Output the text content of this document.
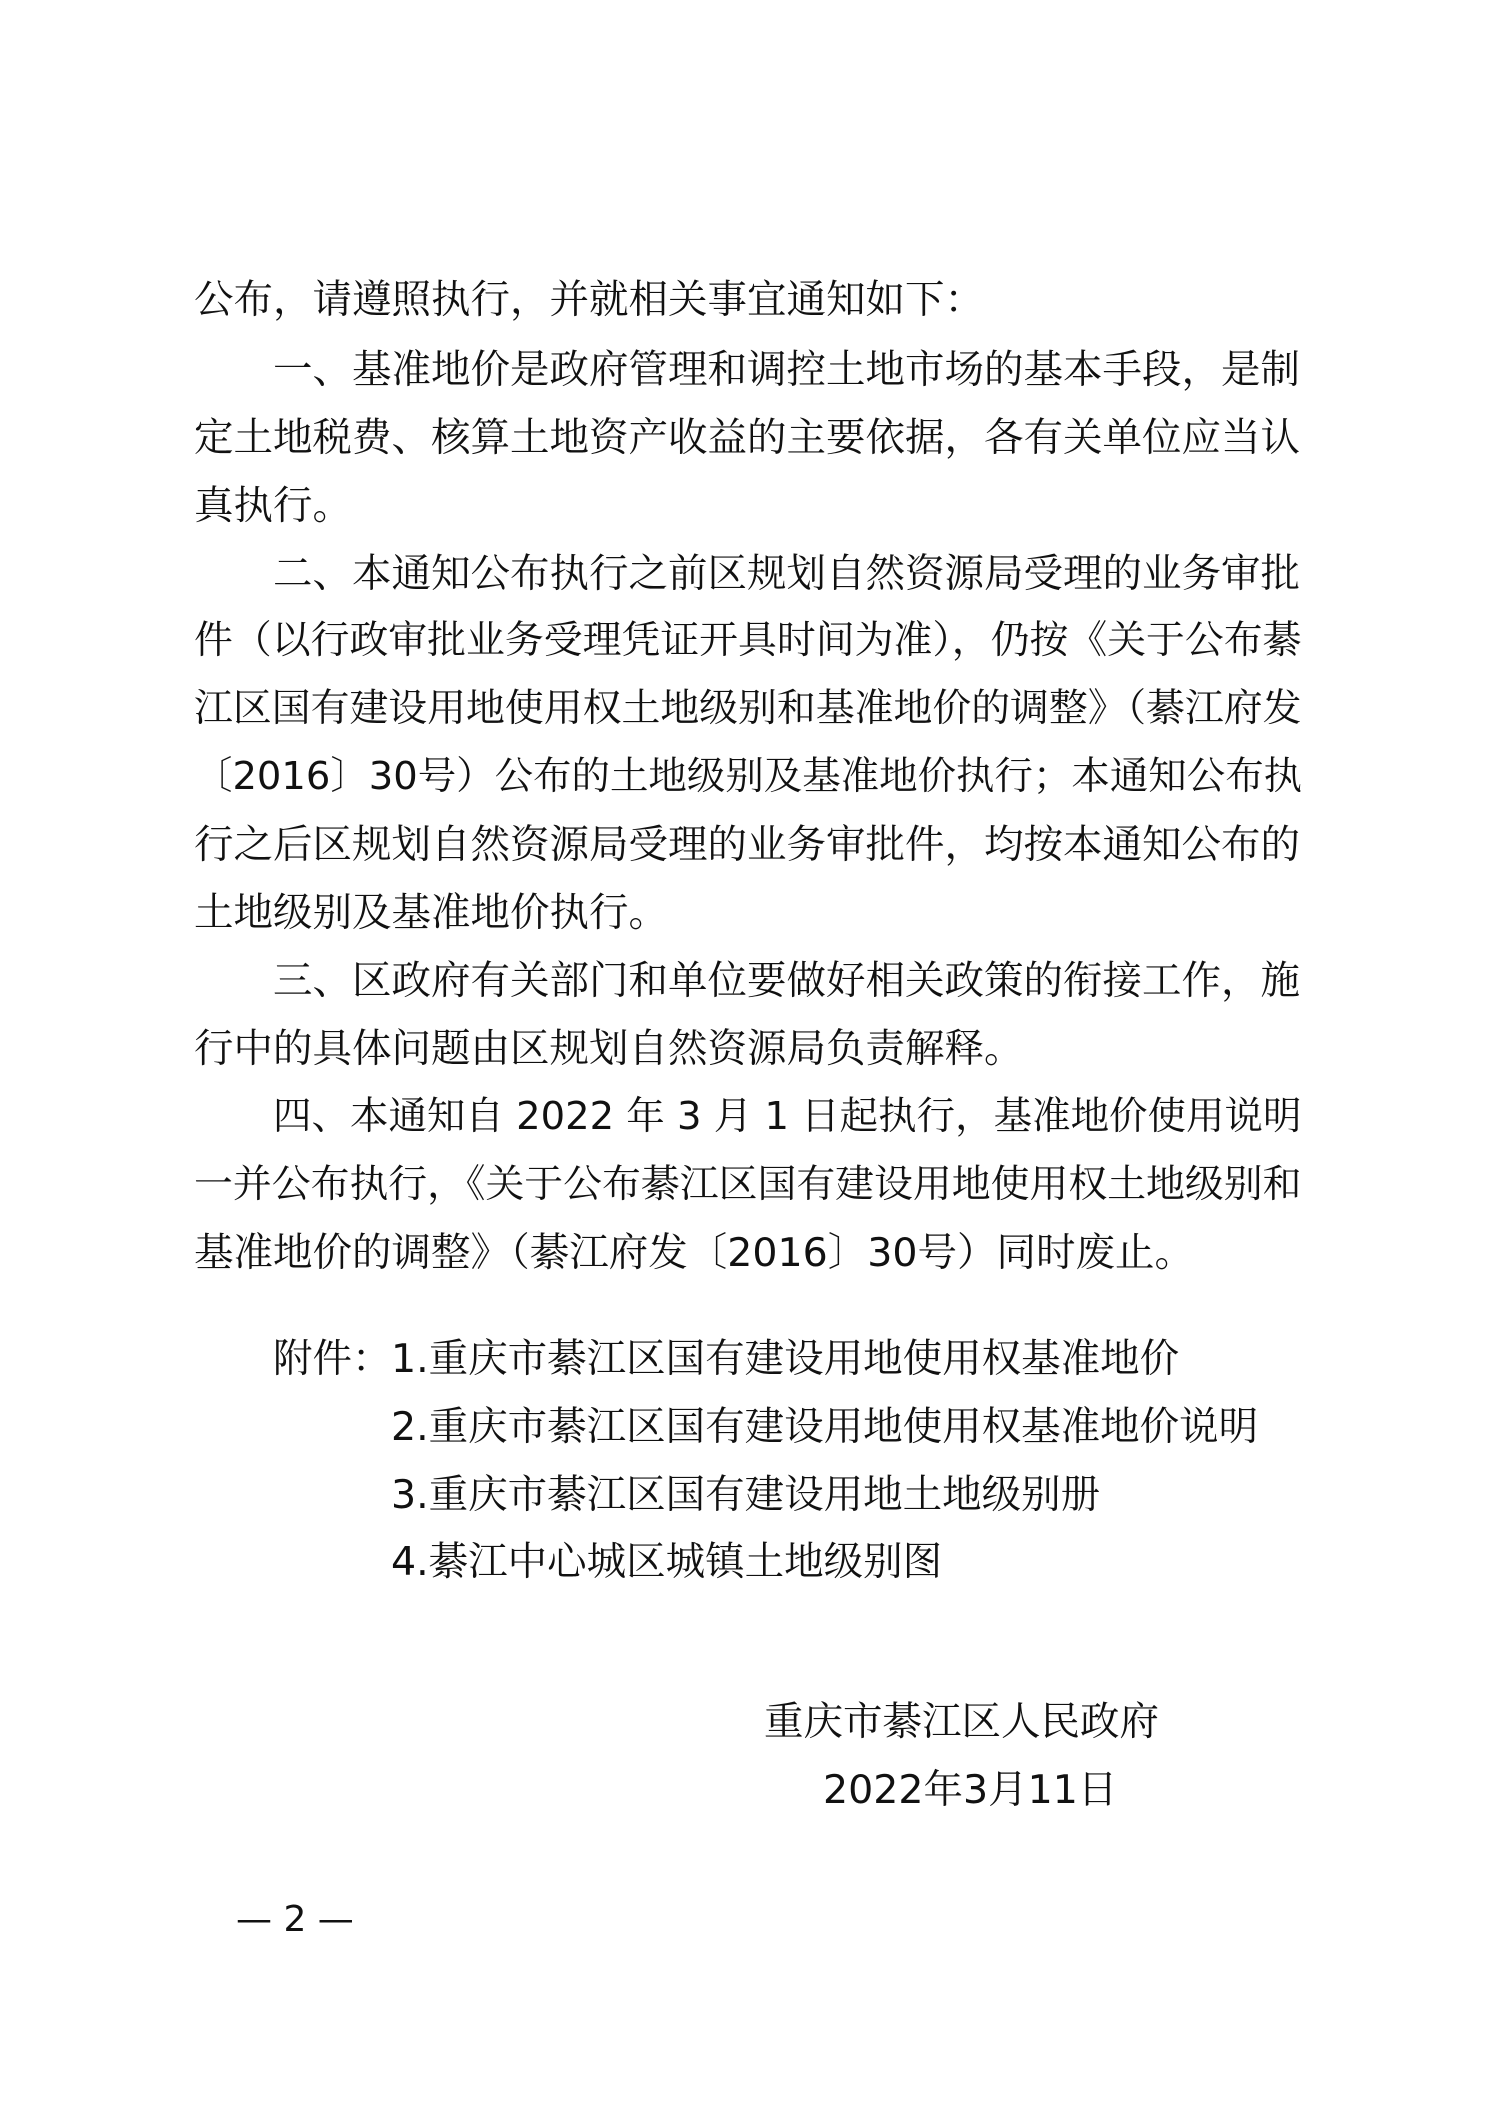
公布，请遵照执行，并就相关事宜通知如下：
一、基准地价是政府管理和调控土地市场的基本手段，是制
定土地税费、核算土地资产收益的主要依据，各有关单位应当认
真执行。
二、本通知公布执行之前区规划自然资源局受理的业务审批
件（以行政审批业务受理凭证开具时间为准），仍按《关于公布綦
江区国有建设用地使用权土地级别和基准地价的调整》（綦江府发
〔2016〕30号）公布的土地级别及基准地价执行；本通知公布执
行之后区规划自然资源局受理的业务审批件，均按本通知公布的
土地级别及基准地价执行。
三、区政府有关部门和单位要做好相关政策的衔接工作，施
行中的具体问题由区规划自然资源局负责解释。
四、本通知自 2022 年 3 月 1 日起执行，基准地价使用说明
一并公布执行，《关于公布綦江区国有建设用地使用权土地级别和
基准地价的调整》（綦江府发〔2016〕30号）同时废止。
附件： 1.重庆市綦江区国有建设用地使用权基准地价
2.重庆市綦江区国有建设用地使用权基准地价说明
3.重庆市綦江区国有建设用地土地级别册
4.綦江中心城区城镇土地级别图
重庆市綦江区人民政府
2022年3月11日
— 2 —
